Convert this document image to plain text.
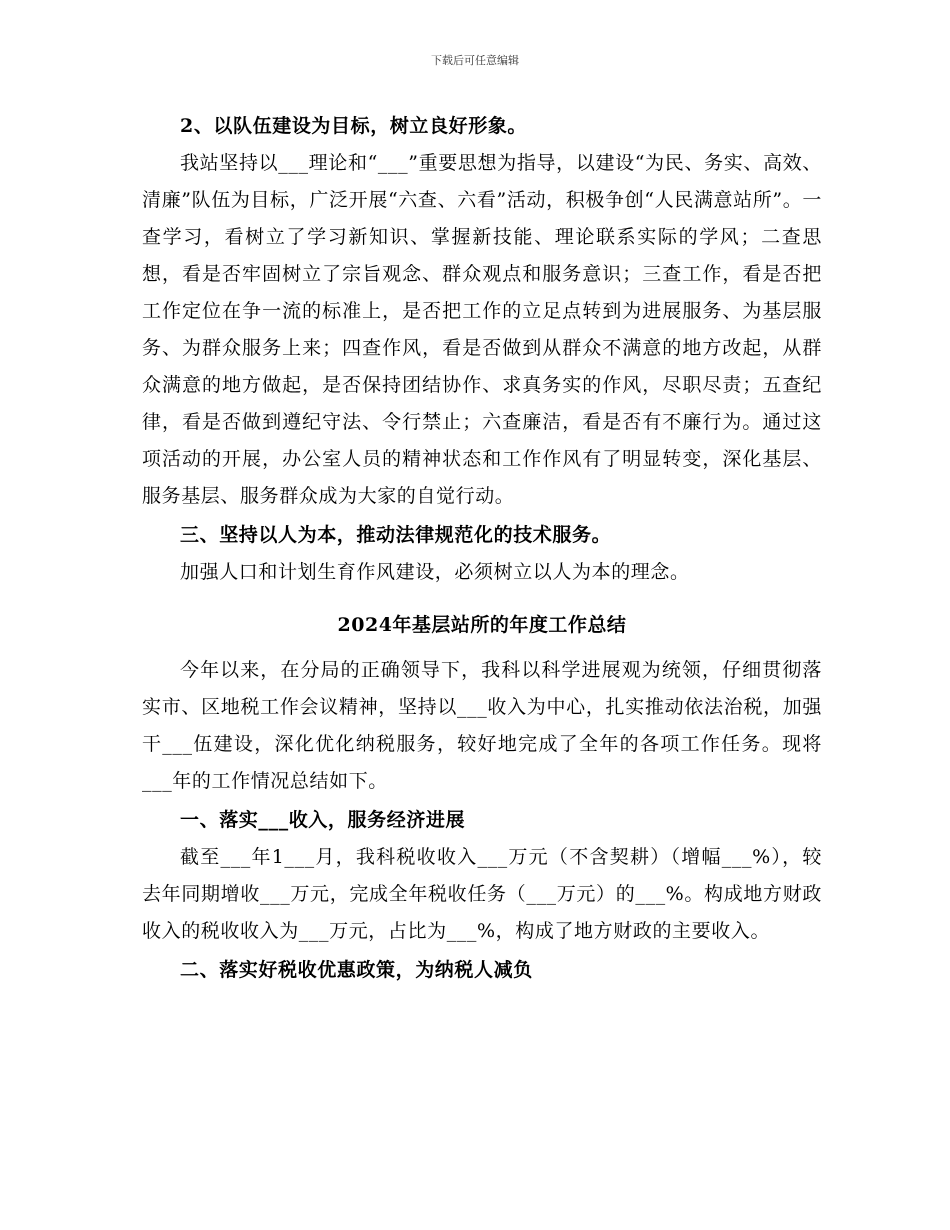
下载后可任意编辑

2、以队伍建设为目标，树立良好形象。

我站坚持以___理论和“___”重要思想为指导，以建设“为民、务实、高效、清廉”队伍为目标，广泛开展“六查、六看”活动，积极争创“人民满意站所”。一查学习，看树立了学习新知识、掌握新技能、理论联系实际的学风；二查思想，看是否牢固树立了宗旨观念、群众观点和服务意识；三查工作，看是否把工作定位在争一流的标准上，是否把工作的立足点转到为进展服务、为基层服务、为群众服务上来；四查作风，看是否做到从群众不满意的地方改起，从群众满意的地方做起，是否保持团结协作、求真务实的作风，尽职尽责；五查纪律，看是否做到遵纪守法、令行禁止；六查廉洁，看是否有不廉行为。通过这项活动的开展，办公室人员的精神状态和工作作风有了明显转变，深化基层、服务基层、服务群众成为大家的自觉行动。

三、坚持以人为本，推动法律规范化的技术服务。

加强人口和计划生育作风建设，必须树立以人为本的理念。

2024年基层站所的年度工作总结

今年以来，在分局的正确领导下，我科以科学进展观为统领，仔细贯彻落实市、区地税工作会议精神，坚持以___收入为中心，扎实推动依法治税，加强干___伍建设，深化优化纳税服务，较好地完成了全年的各项工作任务。现将___年的工作情况总结如下。

一、落实___收入，服务经济进展

截至___年1___月，我科税收收入___万元（不含契耕）（增幅___%），较去年同期增收___万元，完成全年税收任务（___万元）的___%。构成地方财政收入的税收收入为___万元，占比为___%，构成了地方财政的主要收入。

二、落实好税收优惠政策，为纳税人减负
